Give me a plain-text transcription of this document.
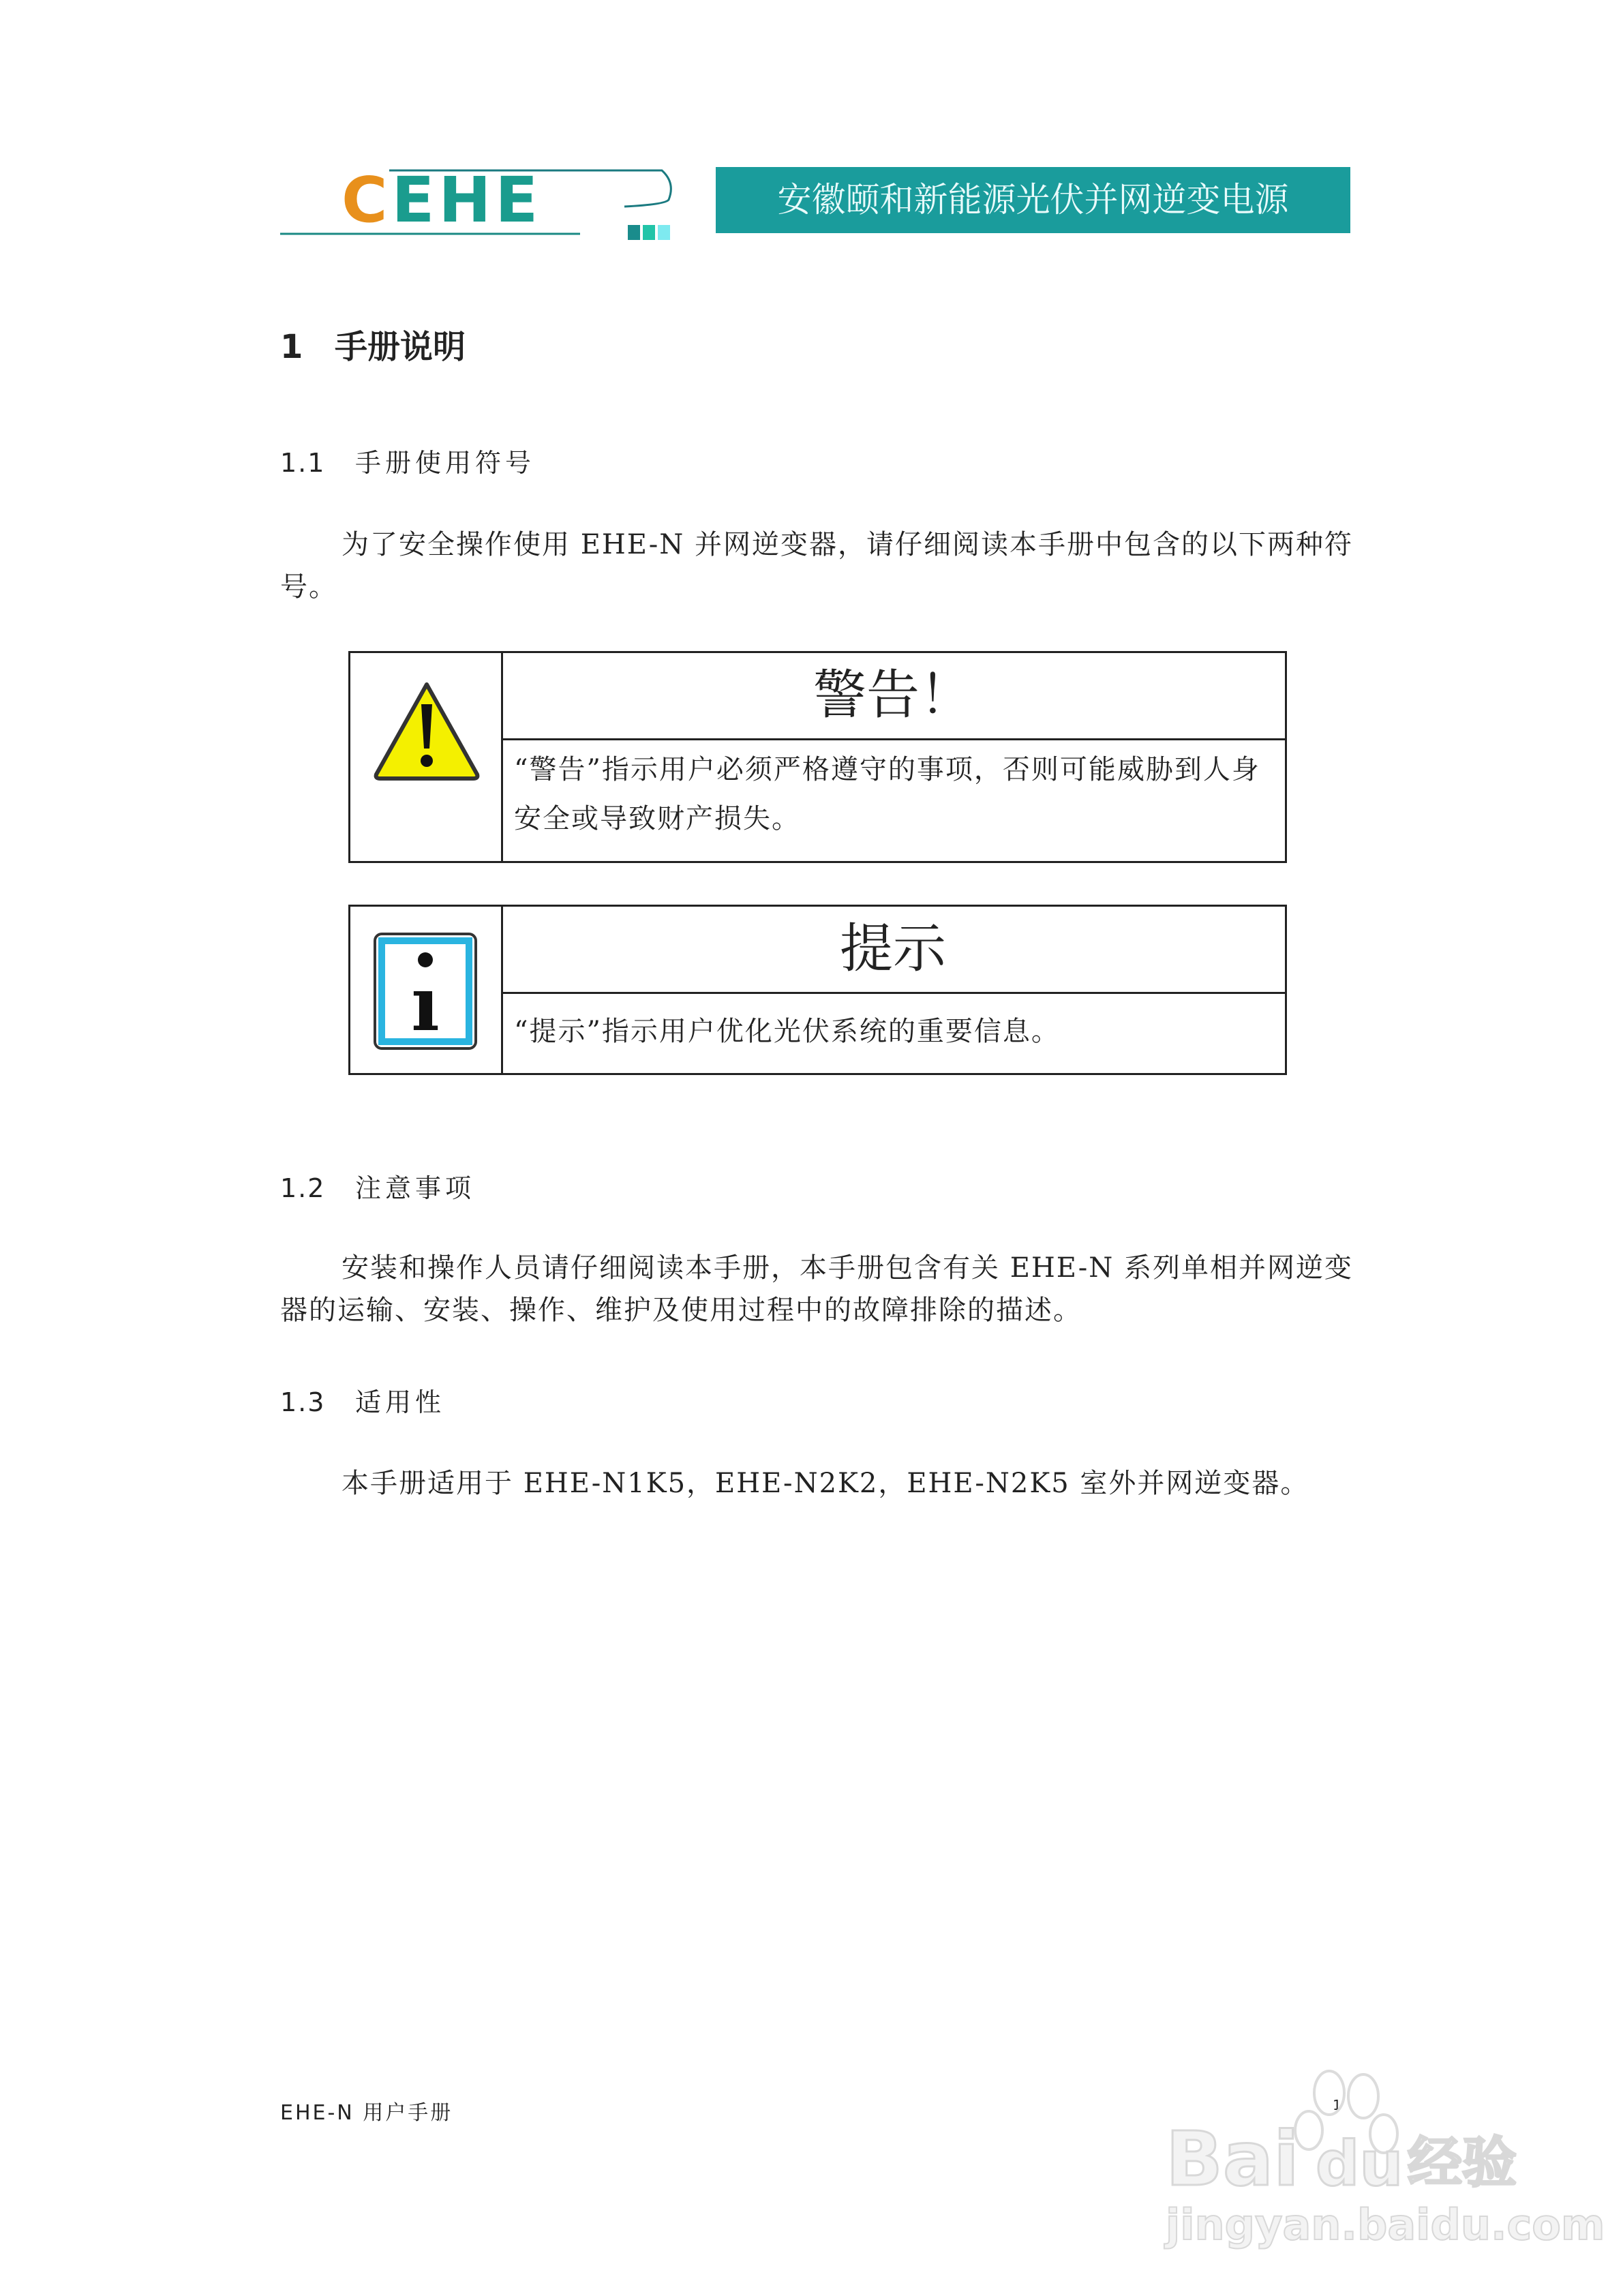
CEHE	安徽颐和新能源光伏并网逆变电源
1 手册说明
1.1 手册使用符号
为了安全操作使用 EHE-N 并网逆变器，请仔细阅读本手册中包含的以下两种符号。
警告！
“警告”指示用户必须严格遵守的事项，否则可能威胁到人身安全或导致财产损失。
ı
提示
“提示”指示用户优化光伏系统的重要信息。
1.2 注意事项
安装和操作人员请仔细阅读本手册，本手册包含有关 EHE-N 系列单相并网逆变器的运输、安装、操作、维护及使用过程中的故障排除的描述。
1.3 适用性
本手册适用于 EHE-N1K5，EHE-N2K2，EHE-N2K5 室外并网逆变器。
EHE-N 用户手册	1
Bai du 经验
jingyan.baidu.com
